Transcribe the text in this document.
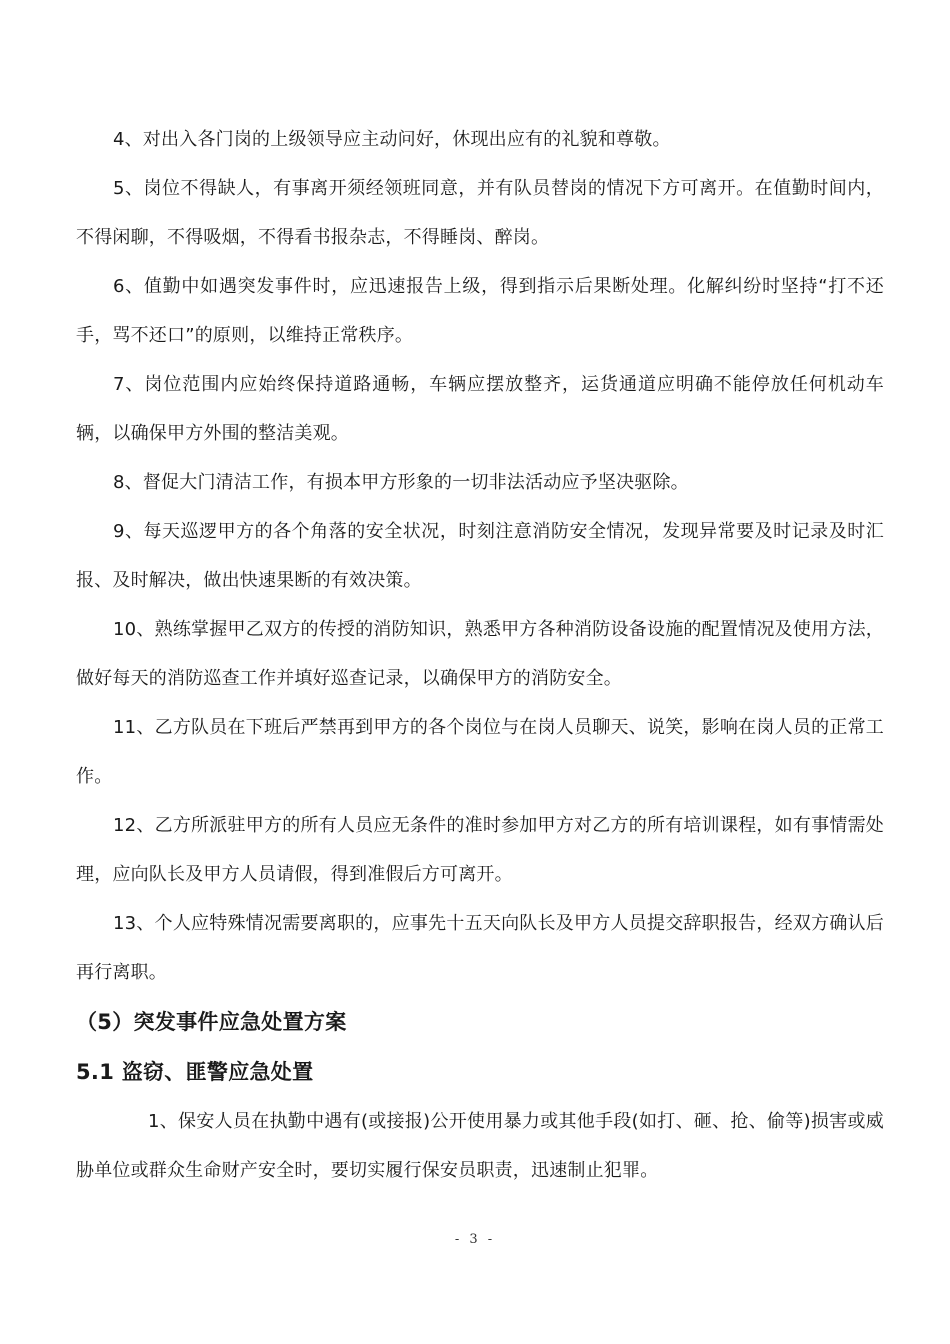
4、对出入各门岗的上级领导应主动问好，休现出应有的礼貌和尊敬。

5、岗位不得缺人，有事离开须经领班同意，并有队员替岗的情况下方可离开。在值勤时间内，不得闲聊，不得吸烟，不得看书报杂志，不得睡岗、醉岗。

6、值勤中如遇突发事件时，应迅速报告上级，得到指示后果断处理。化解纠纷时坚持“打不还手，骂不还口”的原则，以维持正常秩序。

7、岗位范围内应始终保持道路通畅，车辆应摆放整齐，运货通道应明确不能停放任何机动车辆，以确保甲方外围的整洁美观。

8、督促大门清洁工作，有损本甲方形象的一切非法活动应予坚决驱除。

9、每天巡逻甲方的各个角落的安全状况，时刻注意消防安全情况，发现异常要及时记录及时汇报、及时解决，做出快速果断的有效决策。

10、熟练掌握甲乙双方的传授的消防知识，熟悉甲方各种消防设备设施的配置情况及使用方法，做好每天的消防巡查工作并填好巡查记录，以确保甲方的消防安全。

11、乙方队员在下班后严禁再到甲方的各个岗位与在岗人员聊天、说笑，影响在岗人员的正常工作。

12、乙方所派驻甲方的所有人员应无条件的准时参加甲方对乙方的所有培训课程，如有事情需处理，应向队长及甲方人员请假，得到准假后方可离开。

13、个人应特殊情况需要离职的，应事先十五天向队长及甲方人员提交辞职报告，经双方确认后再行离职。

（5）突发事件应急处置方案
5.1 盗窃、匪警应急处置

1、保安人员在执勤中遇有(或接报)公开使用暴力或其他手段(如打、砸、抢、偷等)损害或威胁单位或群众生命财产安全时，要切实履行保安员职责，迅速制止犯罪。

- 3 -
